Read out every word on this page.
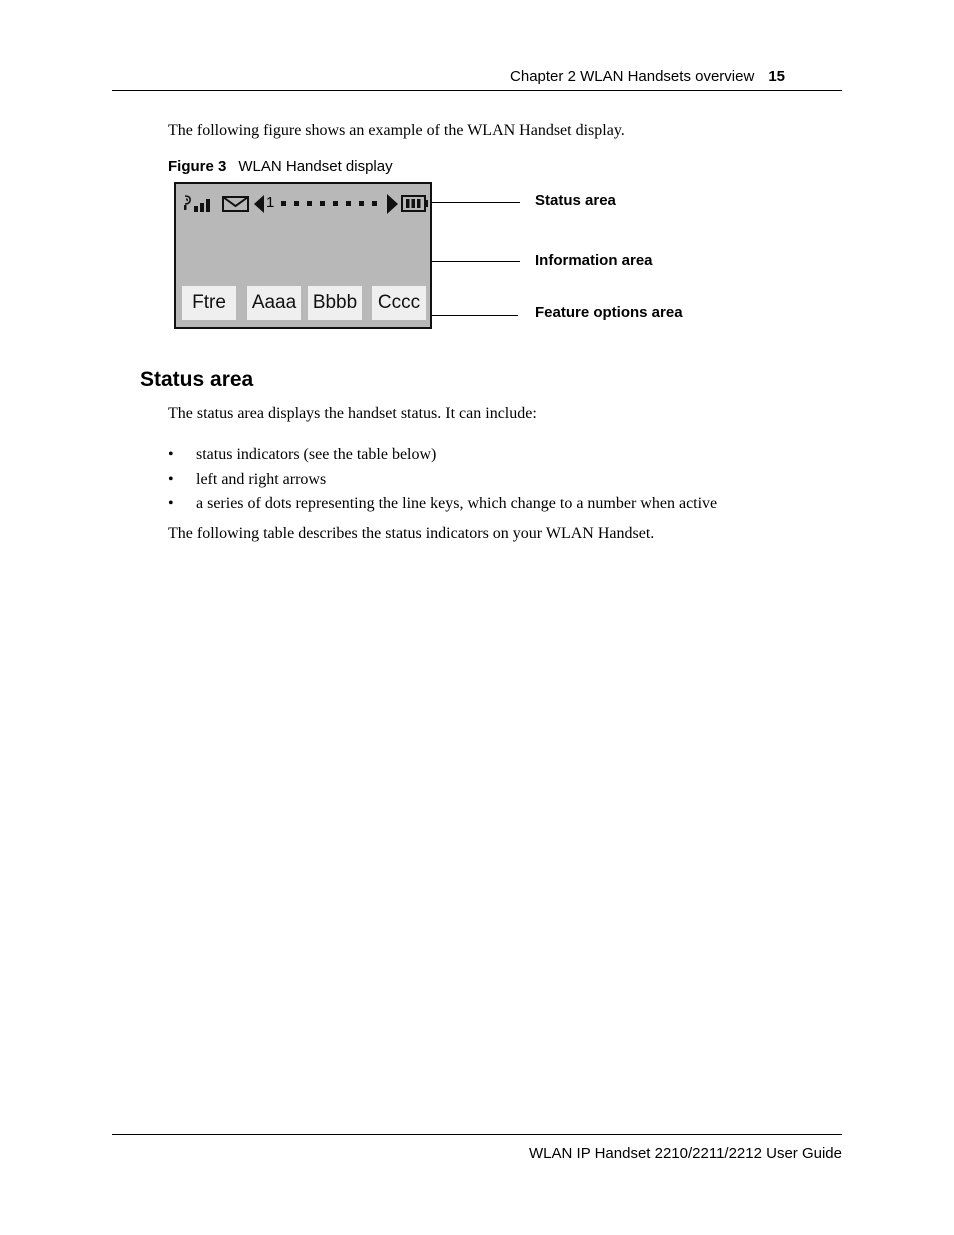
Chapter 2 WLAN Handsets overview 15
The following figure shows an example of the WLAN Handset display.
Figure 3 WLAN Handset display
1
Ftre	Aaaa Bbbb	Cccc
Status area
Information area
Feature options area
Status area
The status area displays the handset status. It can include:
• status indicators (see the table below)
• left and right arrows
• a series of dots representing the line keys, which change to a number when active
The following table describes the status indicators on your WLAN Handset.
WLAN IP Handset 2210/2211/2212 User Guide
